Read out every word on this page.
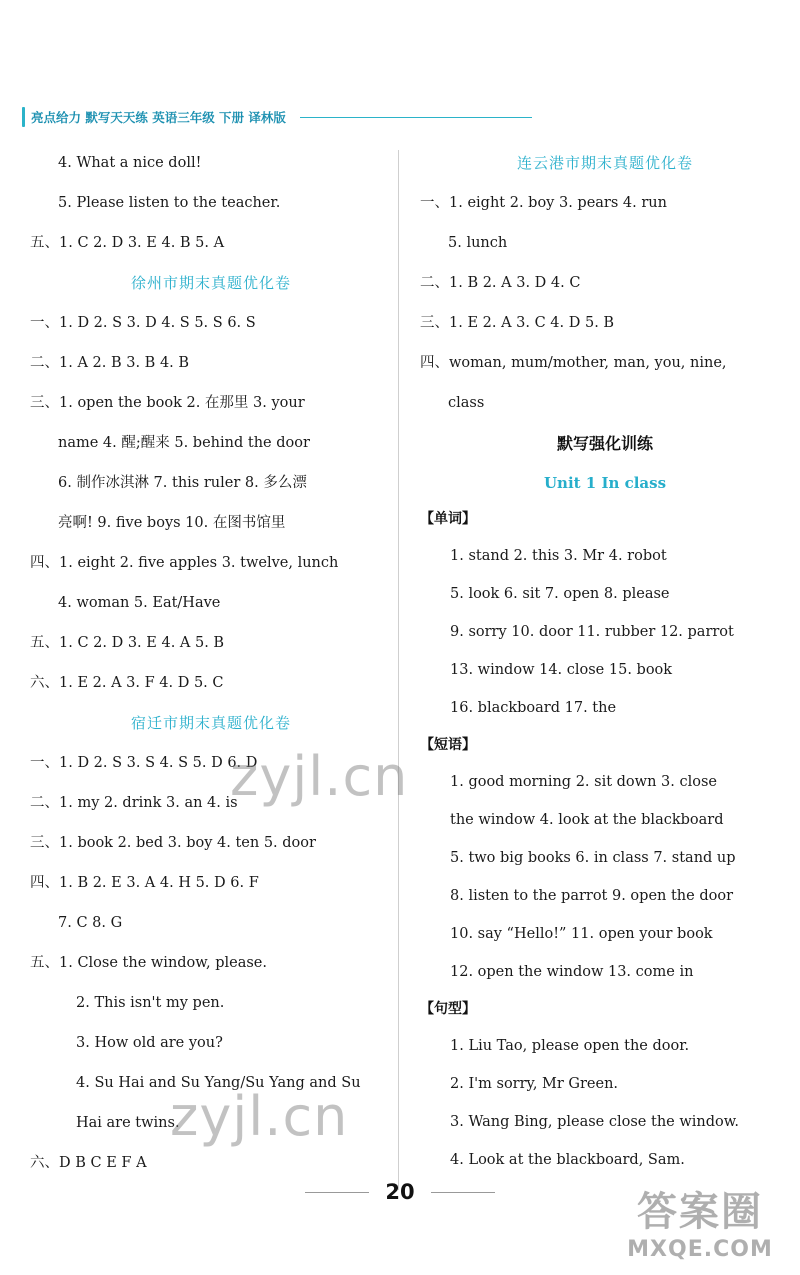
亮点给力 默写天天练 英语三年级 下册 译林版
4. What a nice doll!
5. Please listen to the teacher.
五、1. C 2. D 3. E 4. B 5. A
徐州市期末真题优化卷
一、1. D 2. S 3. D 4. S 5. S 6. S
二、1. A 2. B 3. B 4. B
三、1. open the book 2. 在那里 3. your
name 4. 醒;醒来 5. behind the door
6. 制作冰淇淋 7. this ruler 8. 多么漂
亮啊! 9. five boys 10. 在图书馆里
四、1. eight 2. five apples 3. twelve, lunch
4. woman 5. Eat/Have
五、1. C 2. D 3. E 4. A 5. B
六、1. E 2. A 3. F 4. D 5. C
宿迁市期末真题优化卷
一、1. D 2. S 3. S 4. S 5. D 6. D
二、1. my 2. drink 3. an 4. is
三、1. book 2. bed 3. boy 4. ten 5. door
四、1. B 2. E 3. A 4. H 5. D 6. F
7. C 8. G
五、1. Close the window, please.
2. This isn't my pen.
3. How old are you?
4. Su Hai and Su Yang/Su Yang and Su
Hai are twins.
六、D B C E F A
连云港市期末真题优化卷
一、1. eight 2. boy 3. pears 4. run
5. lunch
二、1. B 2. A 3. D 4. C
三、1. E 2. A 3. C 4. D 5. B
四、woman, mum/mother, man, you, nine,
class
默写强化训练
Unit 1 In class
【单词】
1. stand 2. this 3. Mr 4. robot
5. look 6. sit 7. open 8. please
9. sorry 10. door 11. rubber 12. parrot
13. window 14. close 15. book
16. blackboard 17. the
【短语】
1. good morning 2. sit down 3. close
the window 4. look at the blackboard
5. two big books 6. in class 7. stand up
8. listen to the parrot 9. open the door
10. say “Hello!” 11. open your book
12. open the window 13. come in
【句型】
1. Liu Tao, please open the door.
2. I'm sorry, Mr Green.
3. Wang Bing, please close the window.
4. Look at the blackboard, Sam.
20
zyjl.cn
zyjl.cn
答案圈
MXQE.COM
